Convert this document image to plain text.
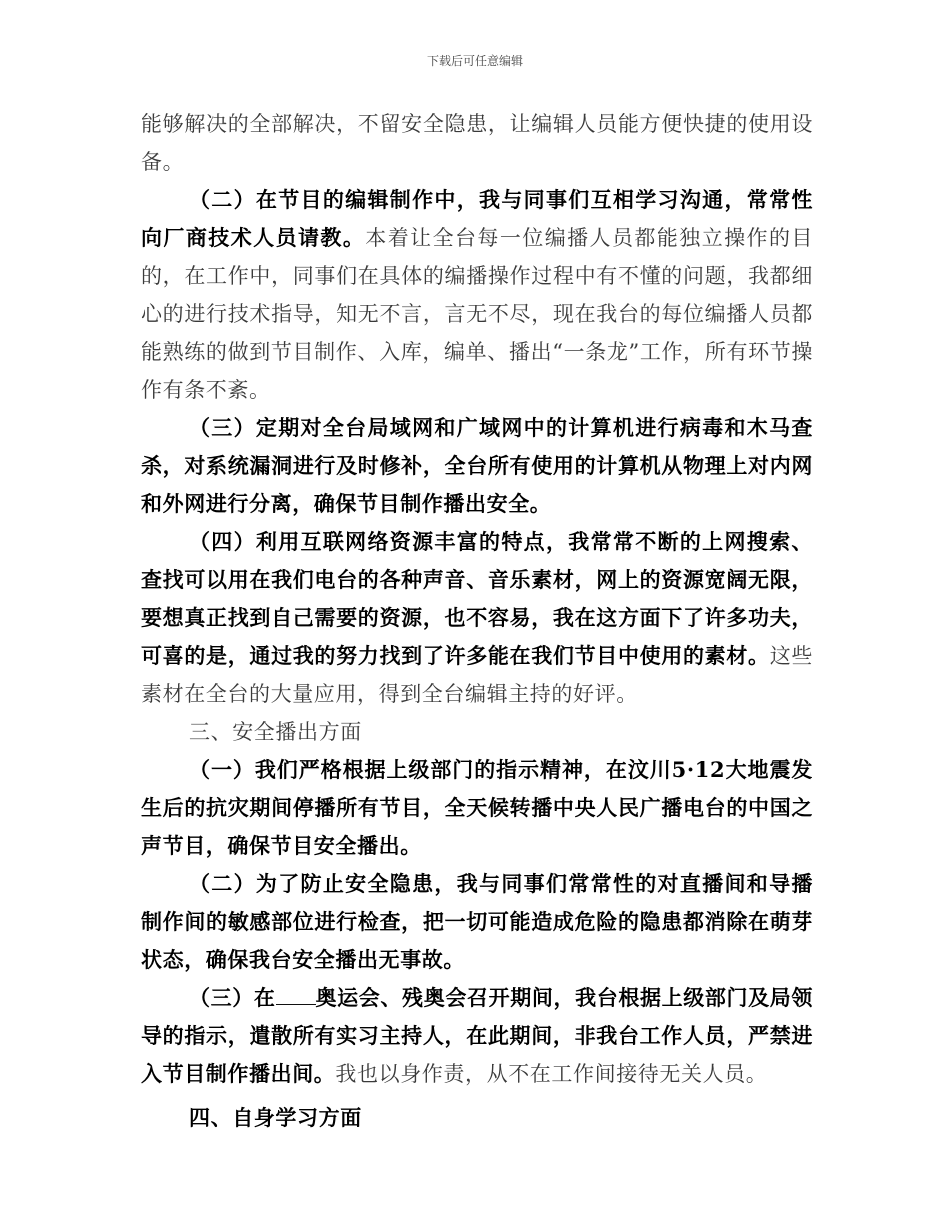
下载后可任意编辑

能够解决的全部解决，不留安全隐患，让编辑人员能方便快捷的使用设备。

（二）在节目的编辑制作中，我与同事们互相学习沟通，常常性向厂商技术人员请教。本着让全台每一位编播人员都能独立操作的目的，在工作中，同事们在具体的编播操作过程中有不懂的问题，我都细心的进行技术指导，知无不言，言无不尽，现在我台的每位编播人员都能熟练的做到节目制作、入库，编单、播出“一条龙”工作，所有环节操作有条不紊。

（三）定期对全台局域网和广域网中的计算机进行病毒和木马查杀，对系统漏洞进行及时修补，全台所有使用的计算机从物理上对内网和外网进行分离，确保节目制作播出安全。

（四）利用互联网络资源丰富的特点，我常常不断的上网搜索、查找可以用在我们电台的各种声音、音乐素材，网上的资源宽阔无限，要想真正找到自己需要的资源，也不容易，我在这方面下了许多功夫，可喜的是，通过我的努力找到了许多能在我们节目中使用的素材。这些素材在全台的大量应用，得到全台编辑主持的好评。

三、安全播出方面

（一）我们严格根据上级部门的指示精神，在汶川5·12大地震发生后的抗灾期间停播所有节目，全天候转播中央人民广播电台的中国之声节目，确保节目安全播出。

（二）为了防止安全隐患，我与同事们常常性的对直播间和导播制作间的敏感部位进行检查，把一切可能造成危险的隐患都消除在萌芽状态，确保我台安全播出无事故。

（三）在 奥运会、残奥会召开期间，我台根据上级部门及局领导的指示，遣散所有实习主持人，在此期间，非我台工作人员，严禁进入节目制作播出间。我也以身作责，从不在工作间接待无关人员。

四、自身学习方面
